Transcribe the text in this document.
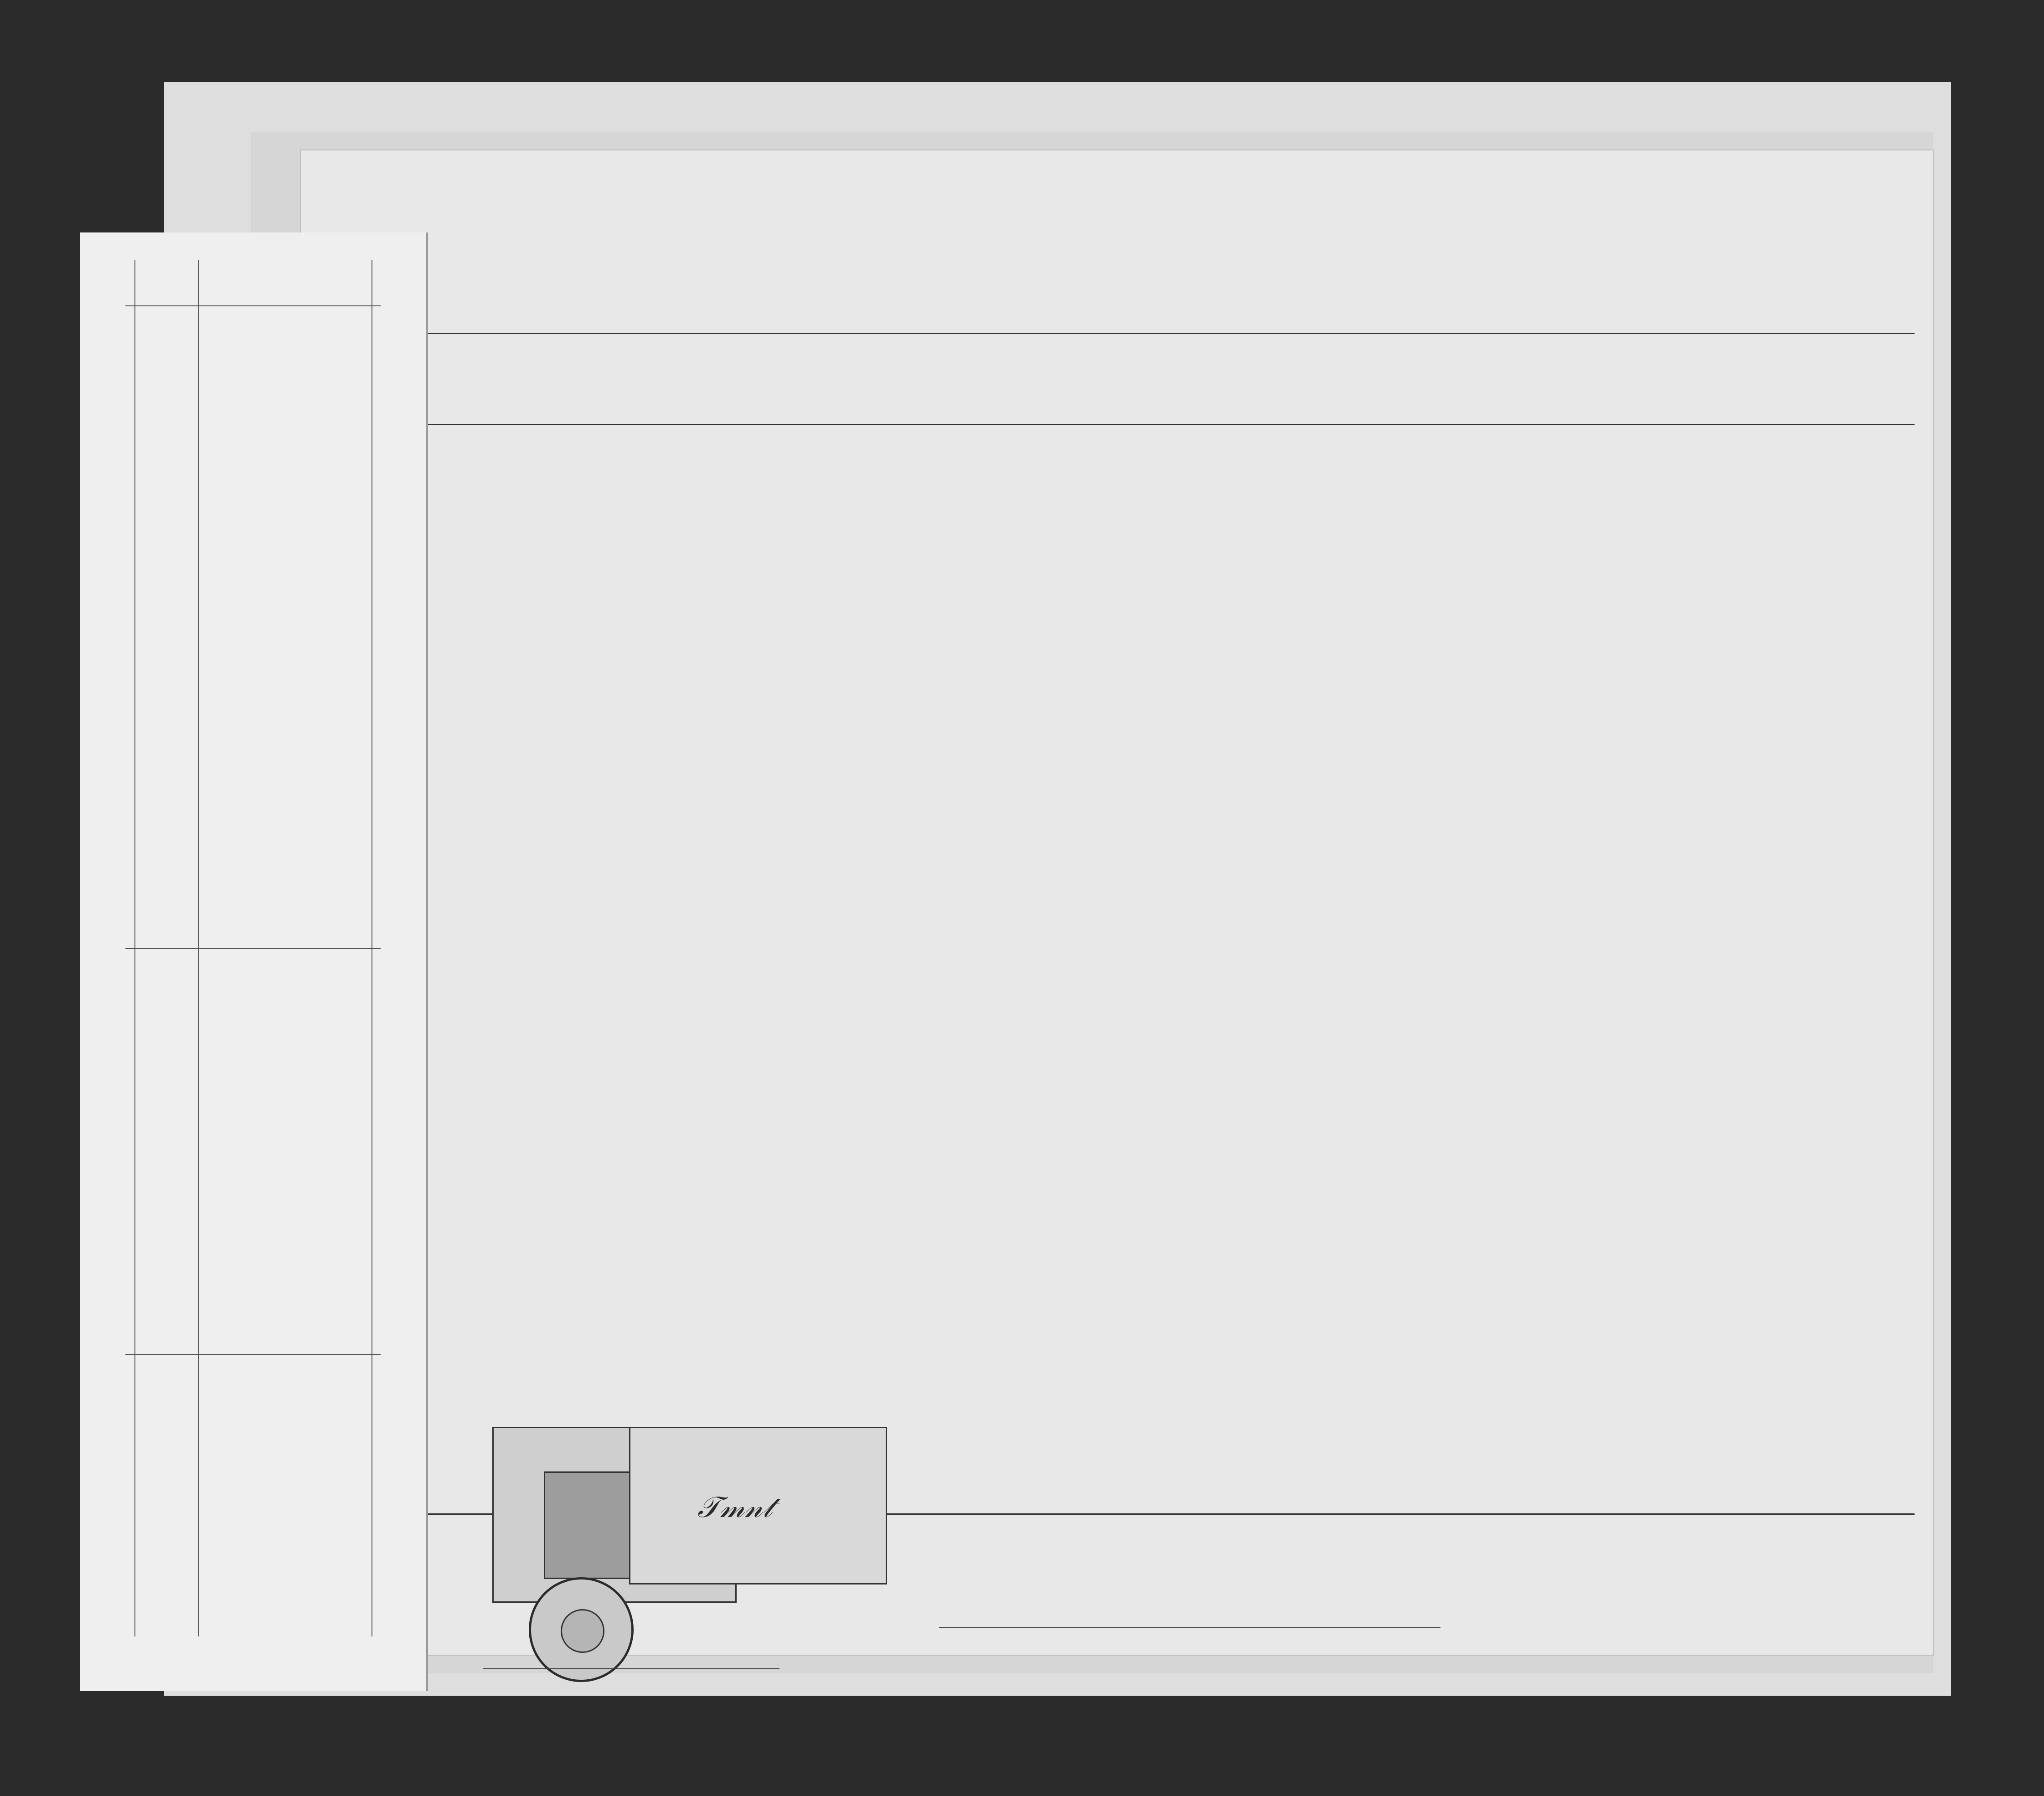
𝒯𝓂𝓃𝓉
